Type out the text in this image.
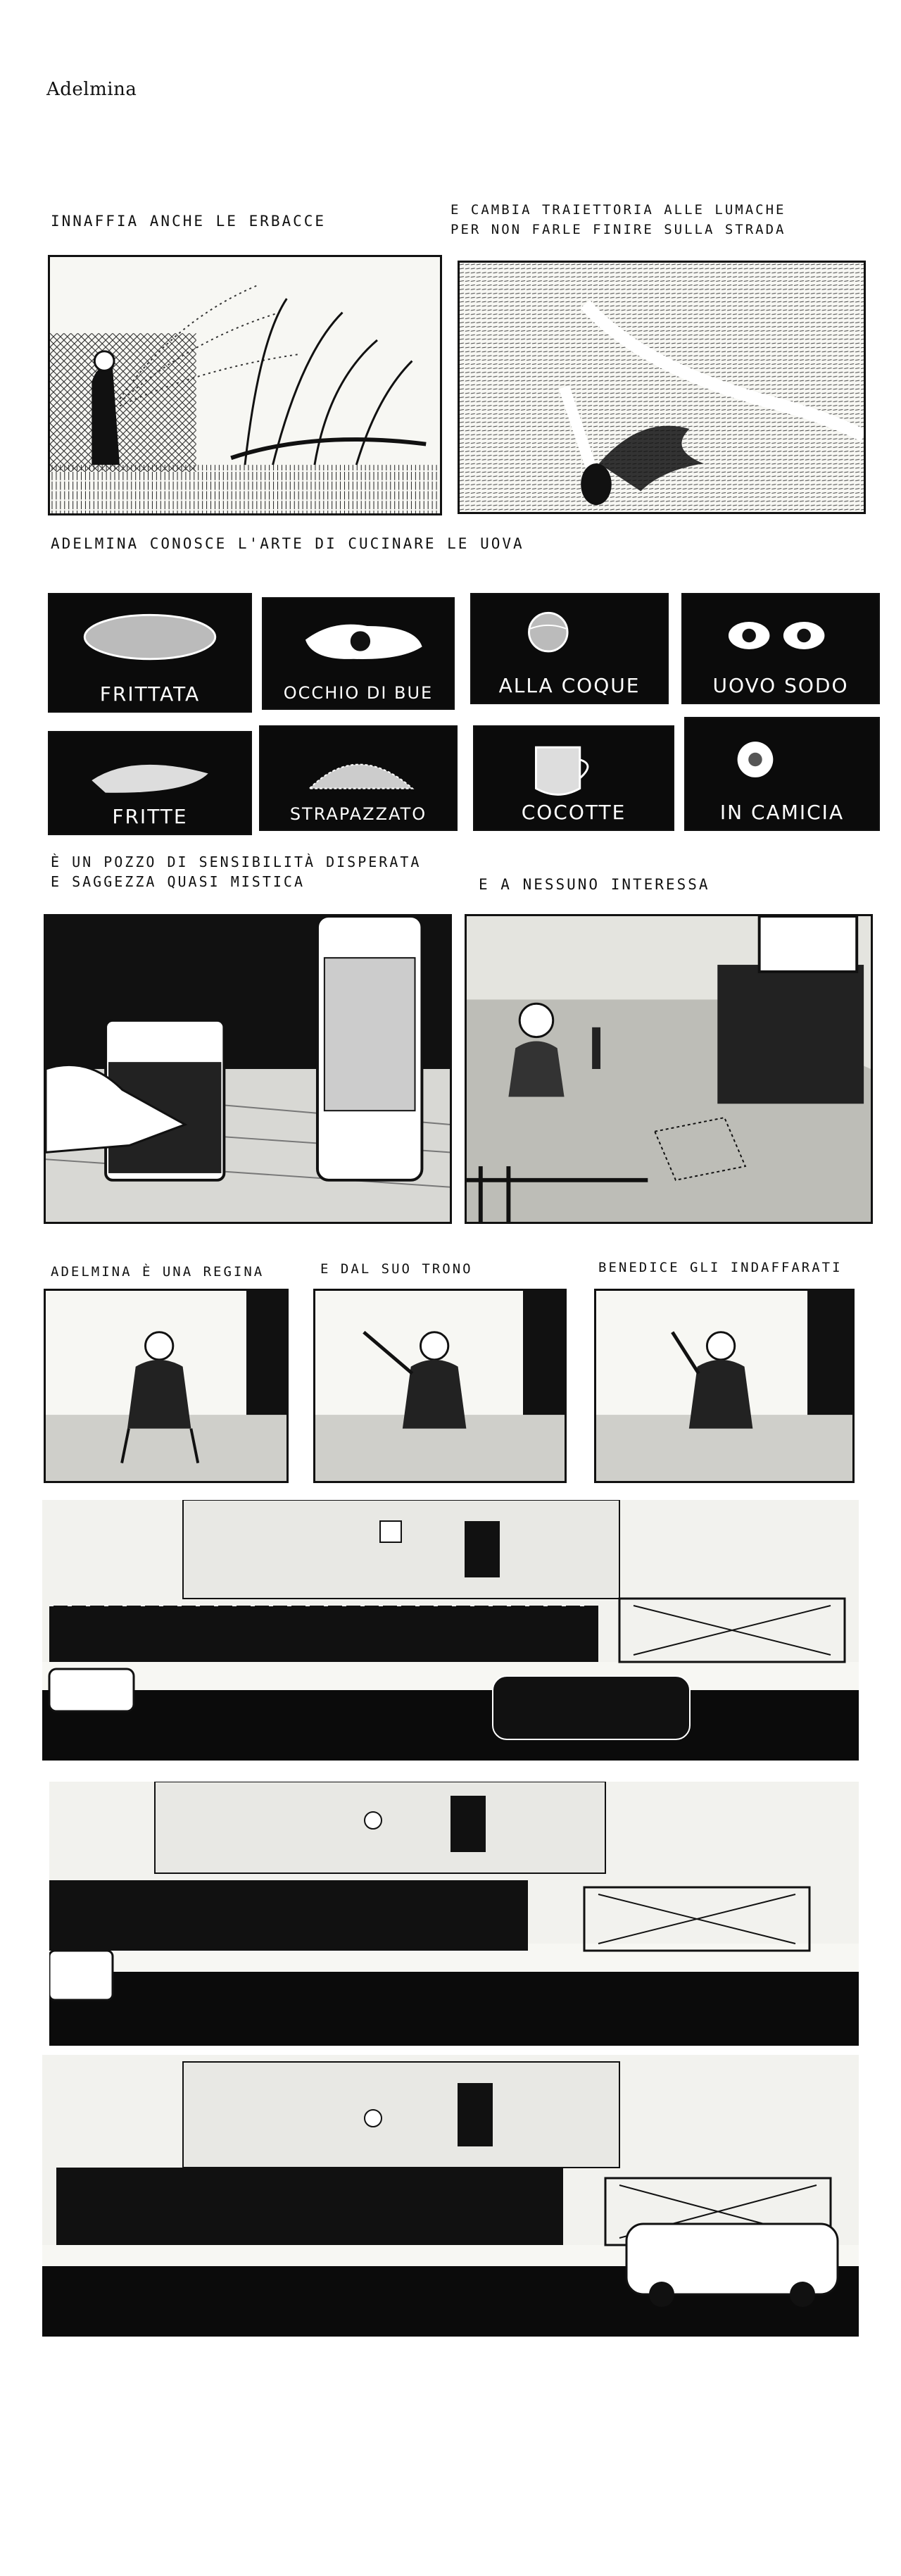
Adelmina
INNAFFIA ANCHE LE ERBACCE
E CAMBIA TRAIETTORIA ALLE LUMACHE
PER NON FARLE FINIRE SULLA STRADA
ADELMINA CONOSCE L'ARTE DI CUCINARE LE UOVA
FRITTATA	OCCHIO DI BUE	ALLA COQUE	UOVO SODO
FRITTE	STRAPAZZATO	COCOTTE	IN CAMICIA
È UN POZZO DI SENSIBILITÀ DISPERATA
E SAGGEZZA QUASI MISTICA	E A NESSUNO INTERESSA
ADELMINA È UNA REGINA	E DAL SUO TRONO	BENEDICE GLI INDAFFARATI
